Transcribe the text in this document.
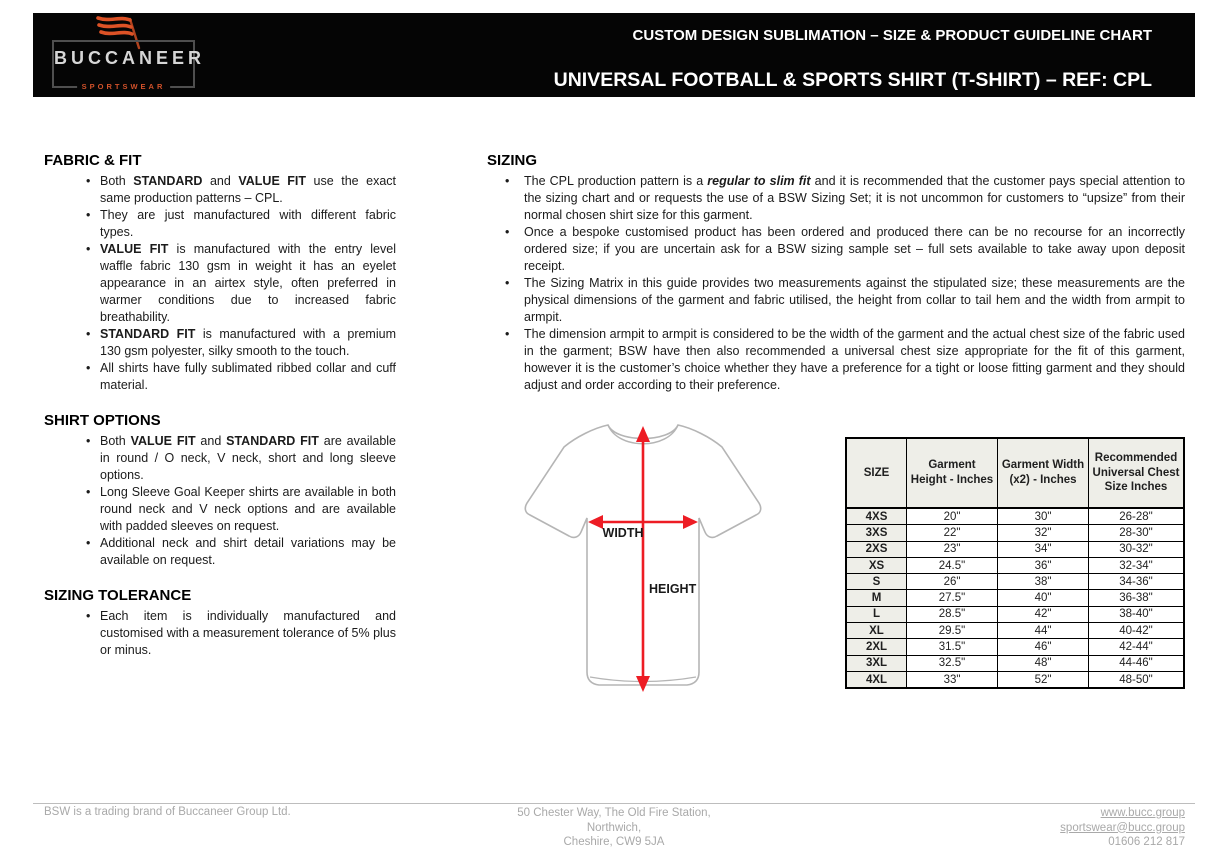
BUCCANEER
SPORTSWEAR
CUSTOM DESIGN SUBLIMATION – SIZE & PRODUCT GUIDELINE CHART
UNIVERSAL FOOTBALL & SPORTS SHIRT (T-SHIRT) – REF: CPL
FABRIC & FIT
• Both STANDARD and VALUE FIT use the exact same production patterns – CPL.
• They are just manufactured with different fabric types.
• VALUE FIT is manufactured with the entry level waffle fabric 130 gsm in weight it has an eyelet appearance in an airtex style, often preferred in warmer conditions due to increased fabric breathability.
• STANDARD FIT is manufactured with a premium 130 gsm polyester, silky smooth to the touch.
• All shirts have fully sublimated ribbed collar and cuff material.
SHIRT OPTIONS
• Both VALUE FIT and STANDARD FIT are available in round / O neck, V neck, short and long sleeve options.
• Long Sleeve Goal Keeper shirts are available in both round neck and V neck options and are available with padded sleeves on request.
• Additional neck and shirt detail variations may be available on request.
SIZING TOLERANCE
• Each item is individually manufactured and customised with a measurement tolerance of 5% plus or minus.
SIZING
•	The CPL production pattern is a regular to slim fit and it is recommended that the customer pays special attention to the sizing chart and or requests the use of a BSW Sizing Set; it is not uncommon for customers to “upsize” from their normal chosen shirt size for this garment.
•	Once a bespoke customised product has been ordered and produced there can be no recourse for an incorrectly ordered size; if you are uncertain ask for a BSW sizing sample set – full sets available to take away upon deposit receipt.
•	The Sizing Matrix in this guide provides two measurements against the stipulated size; these measurements are the physical dimensions of the garment and fabric utilised, the height from collar to tail hem and the width from armpit to armpit.
•	The dimension armpit to armpit is considered to be the width of the garment and the actual chest size of the fabric used in the garment; BSW have then also recommended a universal chest size appropriate for the fit of this garment, however it is the customer’s choice whether they have a preference for a tight or loose fitting garment and they should adjust and order according to their preference.
WIDTH
HEIGHT
SIZE	Garment Height - Inches	Garment Width (x2) - Inches	Recommended Universal Chest Size Inches
4XS	20"	30"	26-28"
3XS	22"	32"	28-30"
2XS	23"	34"	30-32"
XS	24.5"	36"	32-34"
S	26"	38"	34-36"
M	27.5"	40"	36-38"
L	28.5"	42"	38-40"
XL	29.5"	44"	40-42"
2XL	31.5"	46"	42-44"
3XL	32.5"	48"	44-46"
4XL	33"	52"	48-50"
BSW is a trading brand of Buccaneer Group Ltd.	50 Chester Way, The Old Fire Station,
Northwich,
Cheshire, CW9 5JA
www.bucc.group
sportswear@bucc.group
01606 212 817
